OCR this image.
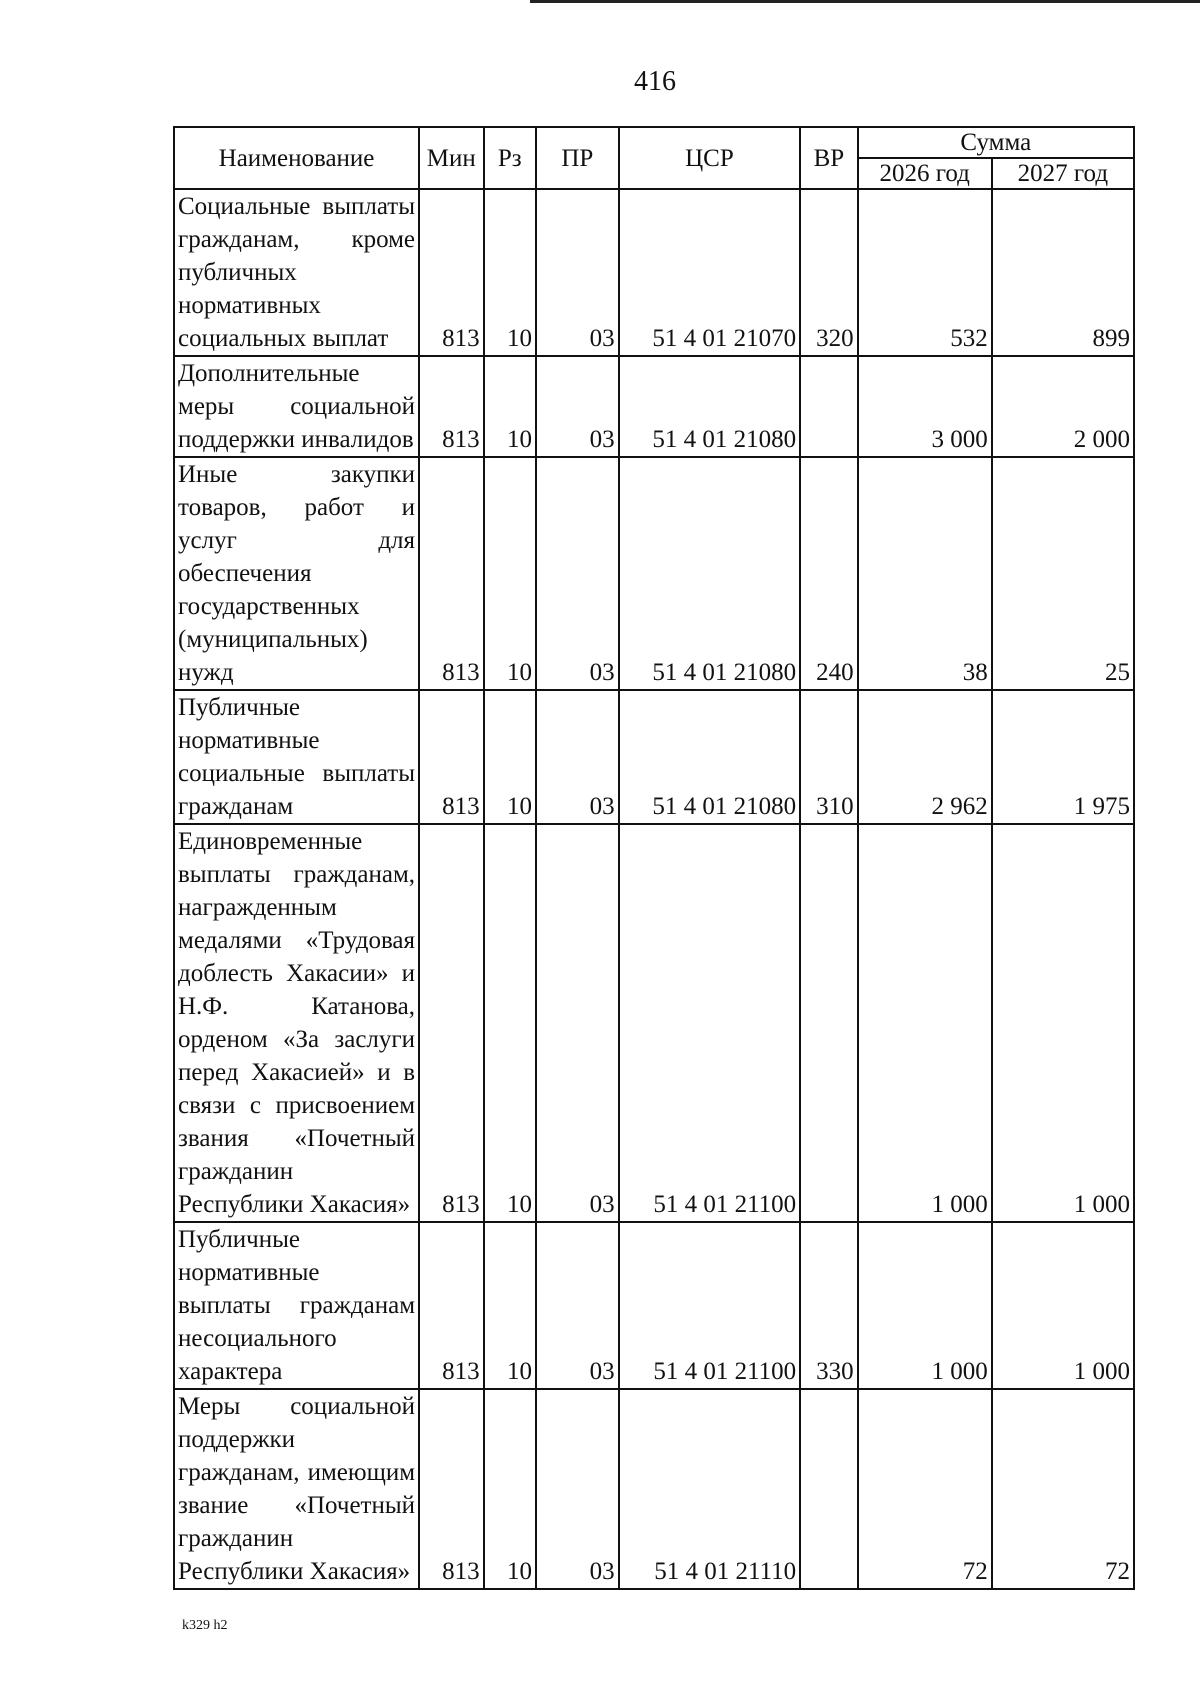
416
Наименование	Мин	Рз	ПР	ЦСР	ВР	Сумма	
						2026 год	2027 год
Социальные выплаты гражданам, кроме публичных нормативных социальных выплат	813	10	03	51 4 01 21070	320	532	899
Дополнительные меры социальной поддержки инвалидов	813	10	03	51 4 01 21080		3 000	2 000
Иные закупки товаров, работ и услуг для обеспечения государственных (муниципальных) нужд	813	10	03	51 4 01 21080	240	38	25
Публичные нормативные социальные выплаты гражданам	813	10	03	51 4 01 21080	310	2 962	1 975
Единовременные выплаты гражданам, награжденным медалями «Трудовая доблесть Хакасии» и Н.Ф. Катанова, орденом «За заслуги перед Хакасией» и в связи с присвоением звания «Почетный гражданин Республики Хакасия»	813	10	03	51 4 01 21100		1 000	1 000
Публичные нормативные выплаты гражданам несоциального характера	813	10	03	51 4 01 21100	330	1 000	1 000
Меры социальной поддержки гражданам, имеющим звание «Почетный гражданин Республики Хакасия»	813	10	03	51 4 01 21110		72	72
k329 h2
